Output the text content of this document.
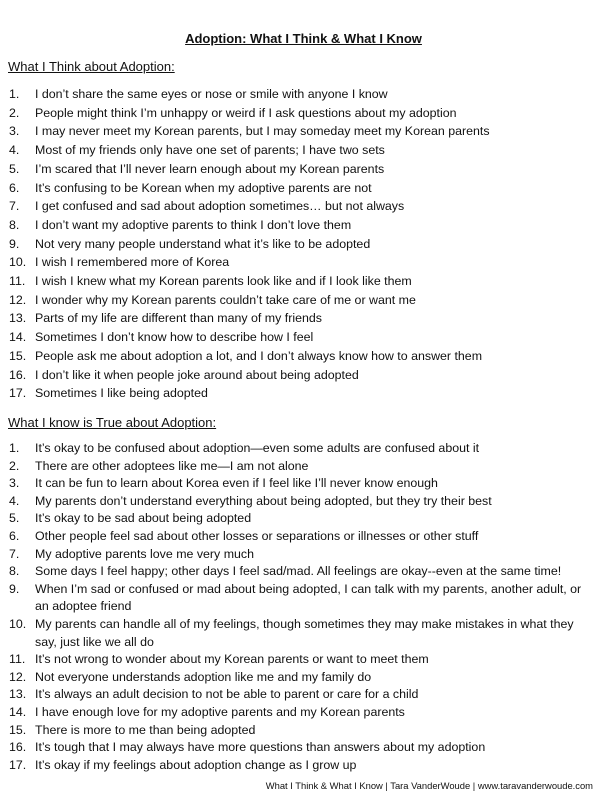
Adoption: What I Think & What I Know
What I Think about Adoption:
1. I don’t share the same eyes or nose or smile with anyone I know
2. People might think I’m unhappy or weird if I ask questions about my adoption
3. I may never meet my Korean parents, but I may someday meet my Korean parents
4. Most of my friends only have one set of parents; I have two sets
5. I’m scared that I’ll never learn enough about my Korean parents
6. It’s confusing to be Korean when my adoptive parents are not
7. I get confused and sad about adoption sometimes… but not always
8. I don’t want my adoptive parents to think I don’t love them
9. Not very many people understand what it’s like to be adopted
10. I wish I remembered more of Korea
11. I wish I knew what my Korean parents look like and if I look like them
12. I wonder why my Korean parents couldn’t take care of me or want me
13. Parts of my life are different than many of my friends
14. Sometimes I don’t know how to describe how I feel
15. People ask me about adoption a lot, and I don’t always know how to answer them
16. I don’t like it when people joke around about being adopted
17. Sometimes I like being adopted
What I know is True about Adoption:
1. It’s okay to be confused about adoption—even some adults are confused about it
2. There are other adoptees like me—I am not alone
3. It can be fun to learn about Korea even if I feel like I’ll never know enough
4. My parents don’t understand everything about being adopted, but they try their best
5. It’s okay to be sad about being adopted
6. Other people feel sad about other losses or separations or illnesses or other stuff
7. My adoptive parents love me very much
8. Some days I feel happy; other days I feel sad/mad. All feelings are okay--even at the same time!
9. When I’m sad or confused or mad about being adopted, I can talk with my parents, another adult, or an adoptee friend
10. My parents can handle all of my feelings, though sometimes they may make mistakes in what they say, just like we all do
11. It’s not wrong to wonder about my Korean parents or want to meet them
12. Not everyone understands adoption like me and my family do
13. It’s always an adult decision to not be able to parent or care for a child
14. I have enough love for my adoptive parents and my Korean parents
15. There is more to me than being adopted
16. It’s tough that I may always have more questions than answers about my adoption
17. It’s okay if my feelings about adoption change as I grow up
What I Think & What I Know | Tara VanderWoude | www.taravanderwoude.com
